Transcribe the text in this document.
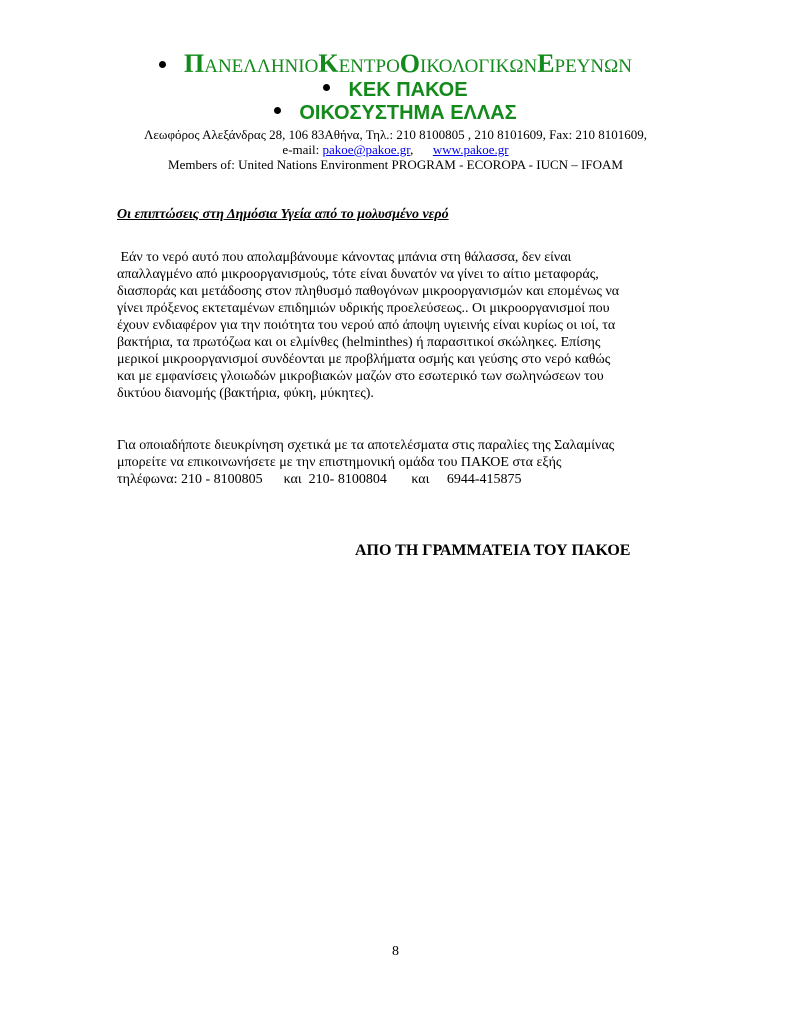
ΠΑΝΕΛΛΗΝΙΟΚΕΝΤΡΟΟΙΚΟΛΟΓΙΚΩΝΕΡΕΥΝΩΝ
ΚΕΚ ΠΑΚΟΕ
ΟΙΚΟΣΥΣΤΗΜΑ ΕΛΛΑΣ
Λεωφόρος Αλεξάνδρας 28, 106 83Αθήνα, Τηλ.: 210 8100805 , 210 8101609, Fax: 210 8101609,
e-mail: pakoe@pakoe.gr, www.pakoe.gr
Members of: United Nations Environment PROGRAM - ECOROPA - IUCN – IFOAM
Οι επιπτώσεις στη Δημόσια Υγεία από το μολυσμένο νερό
Εάν το νερό αυτό που απολαμβάνουμε κάνοντας μπάνια στη θάλασσα, δεν είναι
απαλλαγμένο από μικροοργανισμούς, τότε είναι δυνατόν να γίνει το αίτιο μεταφοράς,
διασποράς και μετάδοσης στον πληθυσμό παθογόνων μικροοργανισμών και επομένως να
γίνει πρόξενος εκτεταμένων επιδημιών υδρικής προελεύσεως.. Οι μικροοργανισμοί που
έχουν ενδιαφέρον για την ποιότητα του νερού από άποψη υγιεινής είναι κυρίως οι ιοί, τα
βακτήρια, τα πρωτόζωα και οι ελμίνθες (helminthes) ή παρασιτικοί σκώληκες. Επίσης
μερικοί μικροοργανισμοί συνδέονται με προβλήματα οσμής και γεύσης στο νερό καθώς
και με εμφανίσεις γλοιωδών μικροβιακών μαζών στο εσωτερικό των σωληνώσεων του
δικτύου διανομής (βακτήρια, φύκη, μύκητες).
Για οποιαδήποτε διευκρίνηση σχετικά με τα αποτελέσματα στις παραλίες της Σαλαμίνας
μπορείτε να επικοινωνήσετε με την επιστημονική ομάδα του ΠΑΚΟΕ στα εξής
τηλέφωνα: 210 - 8100805      και  210- 8100804       και     6944-415875
ΑΠΟ ΤΗ ΓΡΑΜΜΑΤΕΙΑ ΤΟΥ ΠΑΚΟΕ
8
